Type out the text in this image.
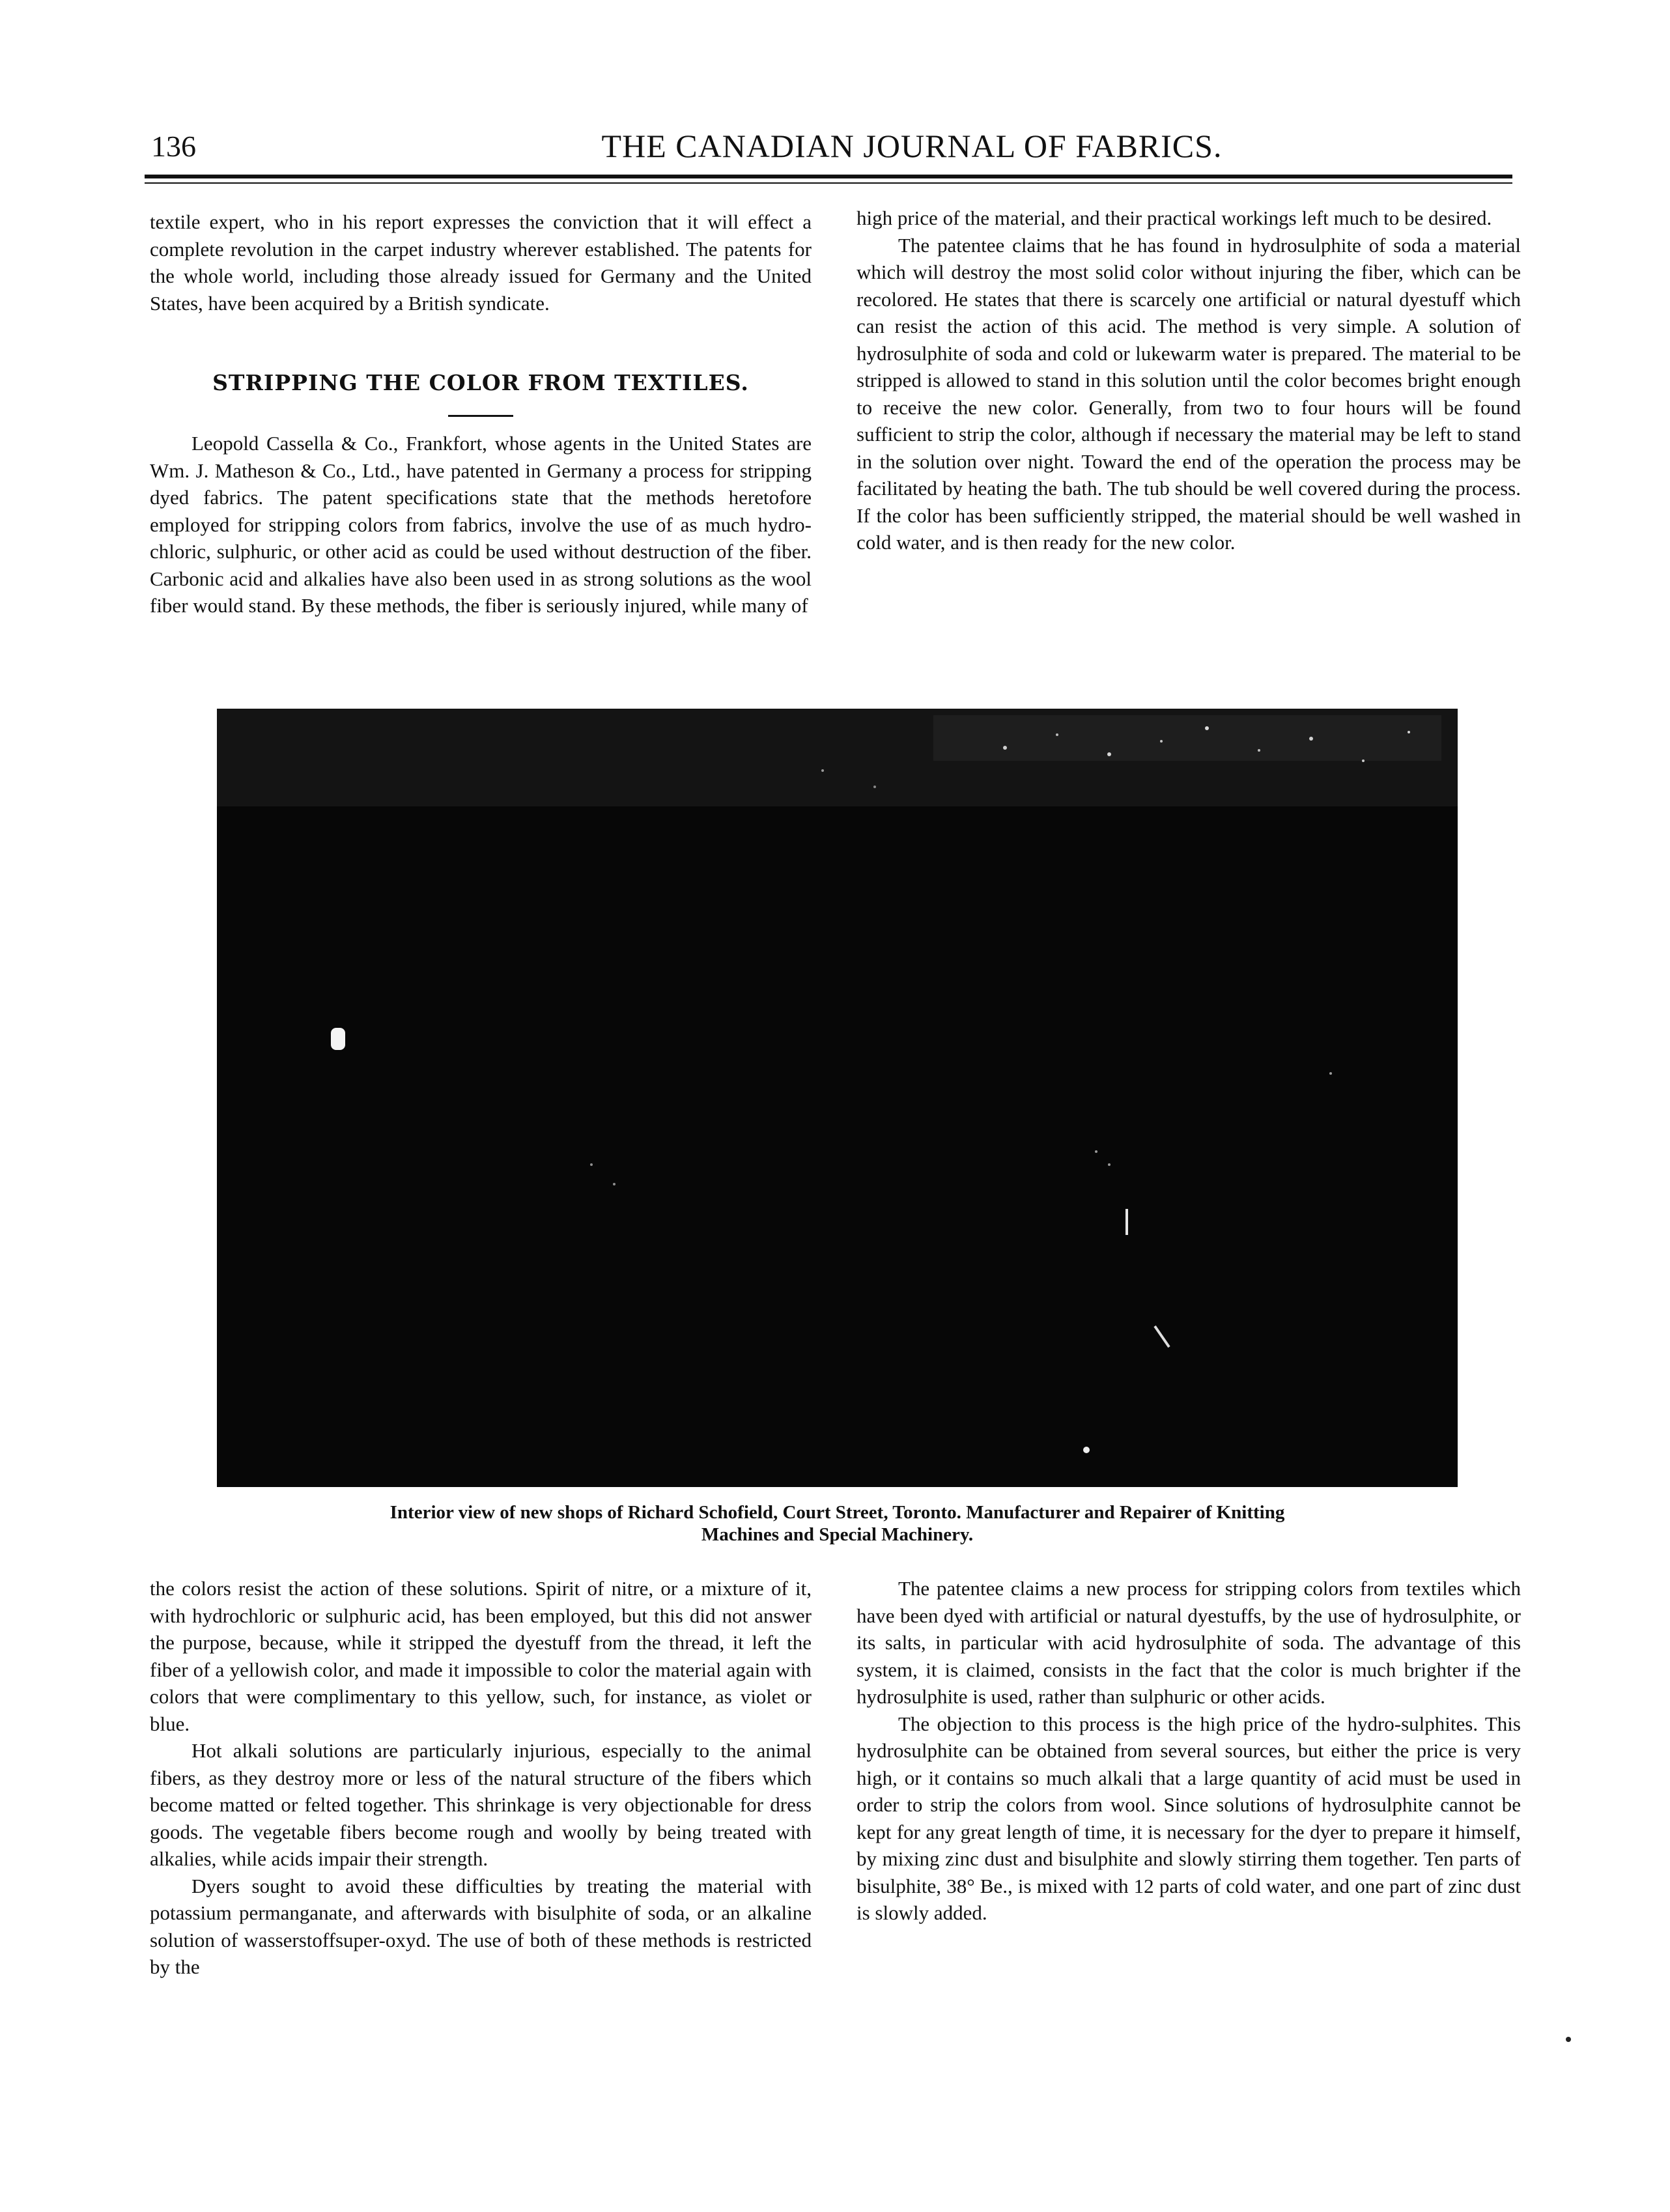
136	THE CANADIAN JOURNAL OF FABRICS.

textile expert, who in his report expresses the conviction that it will effect a complete revolution in the carpet industry wherever established. The patents for the whole world, including those already issued for Germany and the United States, have been acquired by a British syndicate.

STRIPPING THE COLOR FROM TEXTILES.

Leopold Cassella & Co., Frankfort, whose agents in the United States are Wm. J. Matheson & Co., Ltd., have patented in Germany a process for stripping dyed fabrics. The patent specifications state that the methods heretofore employed for stripping colors from fabrics, involve the use of as much hydro-chloric, sulphuric, or other acid as could be used without destruction of the fiber. Carbonic acid and alkalies have also been used in as strong solutions as the wool fiber would stand. By these methods, the fiber is seriously injured, while many of

high price of the material, and their practical workings left much to be desired.

The patentee claims that he has found in hydrosulphite of soda a material which will destroy the most solid color without injuring the fiber, which can be recolored. He states that there is scarcely one artificial or natural dyestuff which can resist the action of this acid. The method is very simple. A solution of hydrosulphite of soda and cold or lukewarm water is prepared. The material to be stripped is allowed to stand in this solution until the color becomes bright enough to receive the new color. Generally, from two to four hours will be found sufficient to strip the color, although if necessary the material may be left to stand in the solution over night. Toward the end of the operation the process may be facilitated by heating the bath. The tub should be well covered during the process. If the color has been sufficiently stripped, the material should be well washed in cold water, and is then ready for the new color.

Interior view of new shops of Richard Schofield, Court Street, Toronto. Manufacturer and Repairer of Knitting
Machines and Special Machinery.

the colors resist the action of these solutions. Spirit of nitre, or a mixture of it, with hydrochloric or sulphuric acid, has been employed, but this did not answer the purpose, because, while it stripped the dyestuff from the thread, it left the fiber of a yellowish color, and made it impossible to color the material again with colors that were complimentary to this yellow, such, for instance, as violet or blue.

Hot alkali solutions are particularly injurious, especially to the animal fibers, as they destroy more or less of the natural structure of the fibers which become matted or felted together. This shrinkage is very objectionable for dress goods. The vegetable fibers become rough and woolly by being treated with alkalies, while acids impair their strength.

Dyers sought to avoid these difficulties by treating the material with potassium permanganate, and afterwards with bisulphite of soda, or an alkaline solution of wasserstoffsuper-oxyd. The use of both of these methods is restricted by the

The patentee claims a new process for stripping colors from textiles which have been dyed with artificial or natural dyestuffs, by the use of hydrosulphite, or its salts, in particular with acid hydrosulphite of soda. The advantage of this system, it is claimed, consists in the fact that the color is much brighter if the hydrosulphite is used, rather than sulphuric or other acids.

The objection to this process is the high price of the hydro-sulphites. This hydrosulphite can be obtained from several sources, but either the price is very high, or it contains so much alkali that a large quantity of acid must be used in order to strip the colors from wool. Since solutions of hydrosulphite cannot be kept for any great length of time, it is necessary for the dyer to prepare it himself, by mixing zinc dust and bisulphite and slowly stirring them together. Ten parts of bisulphite, 38° Be., is mixed with 12 parts of cold water, and one part of zinc dust is slowly added.
